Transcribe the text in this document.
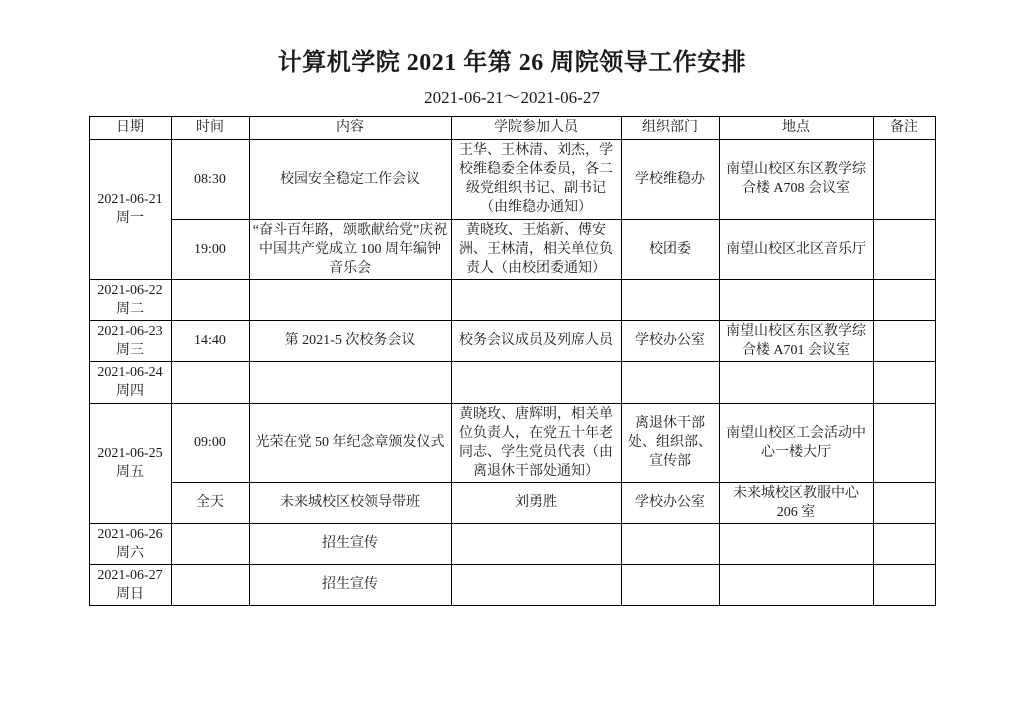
计算机学院 2021 年第 26 周院领导工作安排
2021-06-21～2021-06-27
日期	时间	内容	学院参加人员	组织部门	地点	备注

2021-06-21
周一	08:30	校园安全稳定工作会议	王华、王林清、刘杰，学校维稳委全体委员，各二级党组织书记、副书记（由维稳办通知）	学校维稳办	南望山校区东区教学综合楼 A708 会议室	
	19:00	“奋斗百年路，颂歌献给党”庆祝中国共产党成立 100 周年编钟音乐会	黄晓玫、王焰新、傅安洲、王林清，相关单位负责人（由校团委通知）	校团委	南望山校区北区音乐厅	

2021-06-22
周二						

2021-06-23
周三	14:40	第 2021-5 次校务会议	校务会议成员及列席人员	学校办公室	南望山校区东区教学综合楼 A701 会议室	

2021-06-24
周四						

2021-06-25
周五	09:00	光荣在党 50 年纪念章颁发仪式	黄晓玫、唐辉明，相关单位负责人，在党五十年老同志、学生党员代表（由离退休干部处通知）	离退休干部处、组织部、宣传部	南望山校区工会活动中心一楼大厅	
	全天	未来城校区校领导带班	刘勇胜	学校办公室	未来城校区教服中心 206 室	

2021-06-26
周六		招生宣传				

2021-06-27
周日		招生宣传				
